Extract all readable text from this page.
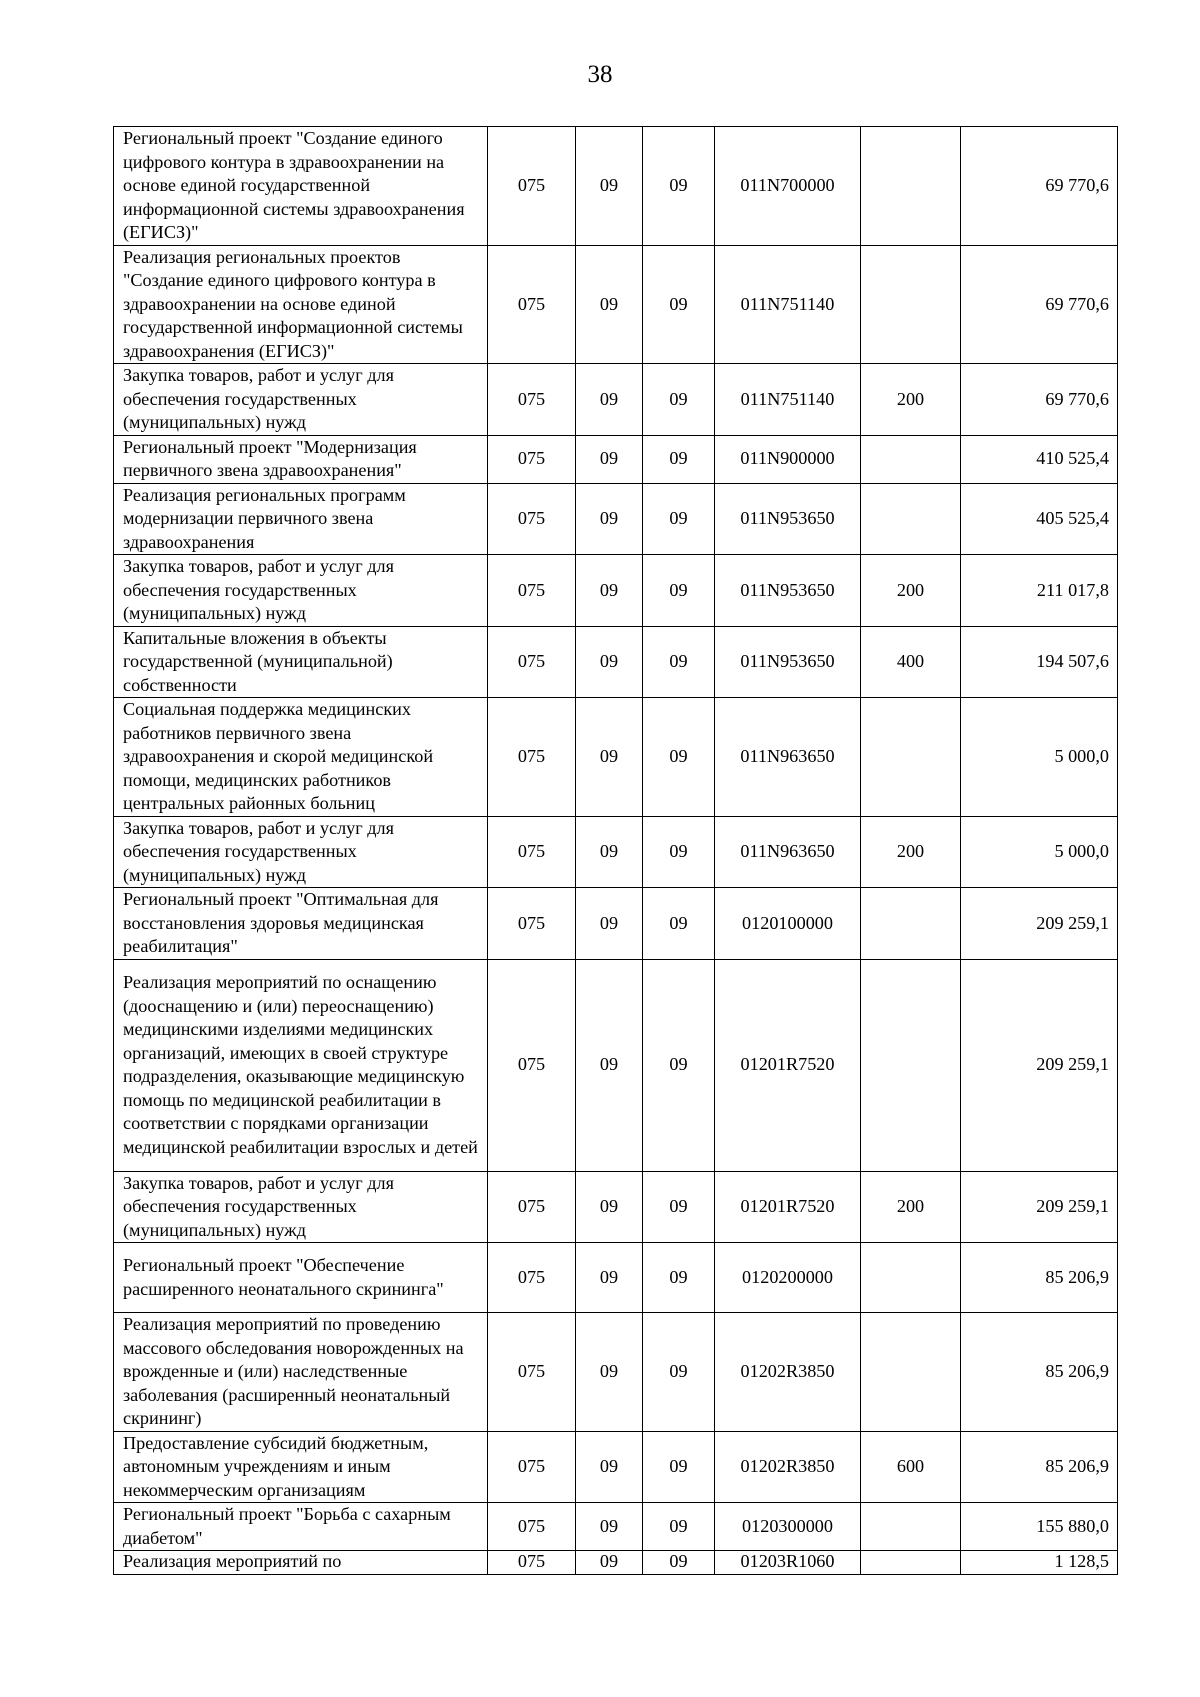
38
Региональный проект "Создание единого цифрового контура в здравоохранении на основе единой государственной информационной системы здравоохранения (ЕГИСЗ)"	075	09	09	011N700000		69 770,6
Реализация региональных проектов "Создание единого цифрового контура в здравоохранении на основе единой государственной информационной системы здравоохранения (ЕГИСЗ)"	075	09	09	011N751140		69 770,6
Закупка товаров, работ и услуг для обеспечения государственных (муниципальных) нужд	075	09	09	011N751140	200	69 770,6
Региональный проект "Модернизация первичного звена здравоохранения"	075	09	09	011N900000		410 525,4
Реализация региональных программ модернизации первичного звена здравоохранения	075	09	09	011N953650		405 525,4
Закупка товаров, работ и услуг для обеспечения государственных (муниципальных) нужд	075	09	09	011N953650	200	211 017,8
Капитальные вложения в объекты государственной (муниципальной) собственности	075	09	09	011N953650	400	194 507,6
Социальная поддержка медицинских работников первичного звена здравоохранения и скорой медицинской помощи, медицинских работников центральных районных больниц	075	09	09	011N963650		5 000,0
Закупка товаров, работ и услуг для обеспечения государственных (муниципальных) нужд	075	09	09	011N963650	200	5 000,0
Региональный проект "Оптимальная для восстановления здоровья медицинская реабилитация"	075	09	09	0120100000		209 259,1
Реализация мероприятий по оснащению (дооснащению и (или) переоснащению) медицинскими изделиями медицинских организаций, имеющих в своей структуре подразделения, оказывающие медицинскую помощь по медицинской реабилитации в соответствии с порядками организации медицинской реабилитации взрослых и детей	075	09	09	01201R7520		209 259,1
Закупка товаров, работ и услуг для обеспечения государственных (муниципальных) нужд	075	09	09	01201R7520	200	209 259,1
Региональный проект "Обеспечение расширенного неонатального скрининга"	075	09	09	0120200000		85 206,9
Реализация мероприятий по проведению массового обследования новорожденных на врожденные и (или) наследственные заболевания (расширенный неонатальный скрининг)	075	09	09	01202R3850		85 206,9
Предоставление субсидий бюджетным, автономным учреждениям и иным некоммерческим организациям	075	09	09	01202R3850	600	85 206,9
Региональный проект "Борьба с сахарным диабетом"	075	09	09	0120300000		155 880,0
Реализация мероприятий по	075	09	09	01203R1060		1 128,5
